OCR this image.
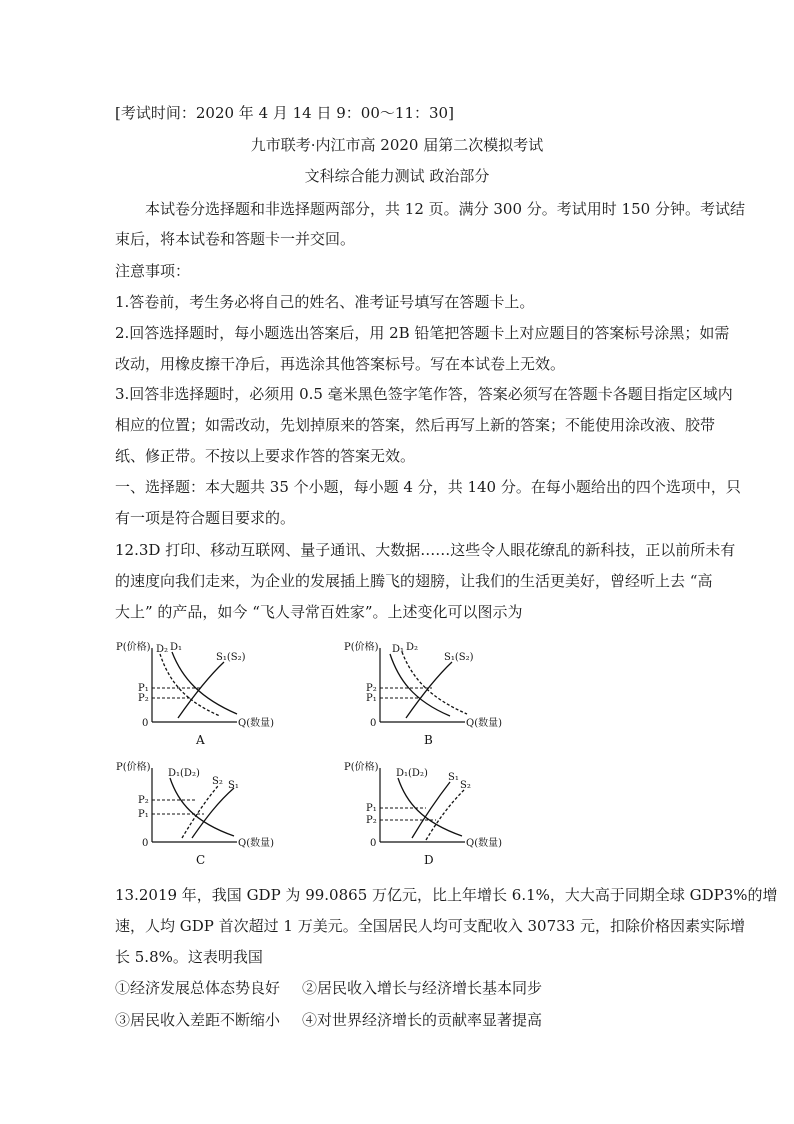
[考试时间：2020 年 4 月 14 日 9：00～11：30]
九市联考·内江市高 2020 届第二次模拟考试
文科综合能力测试 政治部分
本试卷分选择题和非选择题两部分，共 12 页。满分 300 分。考试用时 150 分钟。考试结
束后，将本试卷和答题卡一并交回。
注意事项：
1.答卷前，考生务必将自己的姓名、准考证号填写在答题卡上。
2.回答选择题时，每小题选出答案后，用 2B 铅笔把答题卡上对应题目的答案标号涂黑；如需
改动，用橡皮擦干净后，再选涂其他答案标号。写在本试卷上无效。
3.回答非选择题时，必须用 0.5 毫米黑色签字笔作答，答案必须写在答题卡各题目指定区域内
相应的位置；如需改动，先划掉原来的答案，然后再写上新的答案；不能使用涂改液、胶带
纸、修正带。不按以上要求作答的答案无效。
一、选择题：本大题共 35 个小题，每小题 4 分，共 140 分。在每小题给出的四个选项中，只
有一项是符合题目要求的。
12.3D 打印、移动互联网、量子通讯、大数据……这些令人眼花缭乱的新科技，正以前所未有
的速度向我们走来，为企业的发展插上腾飞的翅膀，让我们的生活更美好，曾经听上去 “高
大上” 的产品，如今 “飞人寻常百姓家”。上述变化可以图示为
P(价格)
Q(数量)
0
D₂ D₁
S₁(S₂)
P₁
P₂
A
P(价格)
Q(数量)
0
D₁ D₂
S₁(S₂)
P₂
P₁
B
P(价格)
Q(数量)
0
D₁(D₂)
S₂ S₁
P₂
P₁
C
P(价格)
Q(数量)
0
D₁(D₂) S₁
S₂
P₁
P₂
D
13.2019 年，我国 GDP 为 99.0865 万亿元，比上年增长 6.1%，大大高于同期全球 GDP3%的增
速，人均 GDP 首次超过 1 万美元。全国居民人均可支配收入 30733 元，扣除价格因素实际增
长 5.8%。这表明我国
①经济发展总体态势良好 ②居民收入增长与经济增长基本同步
③居民收入差距不断缩小 ④对世界经济增长的贡献率显著提高
